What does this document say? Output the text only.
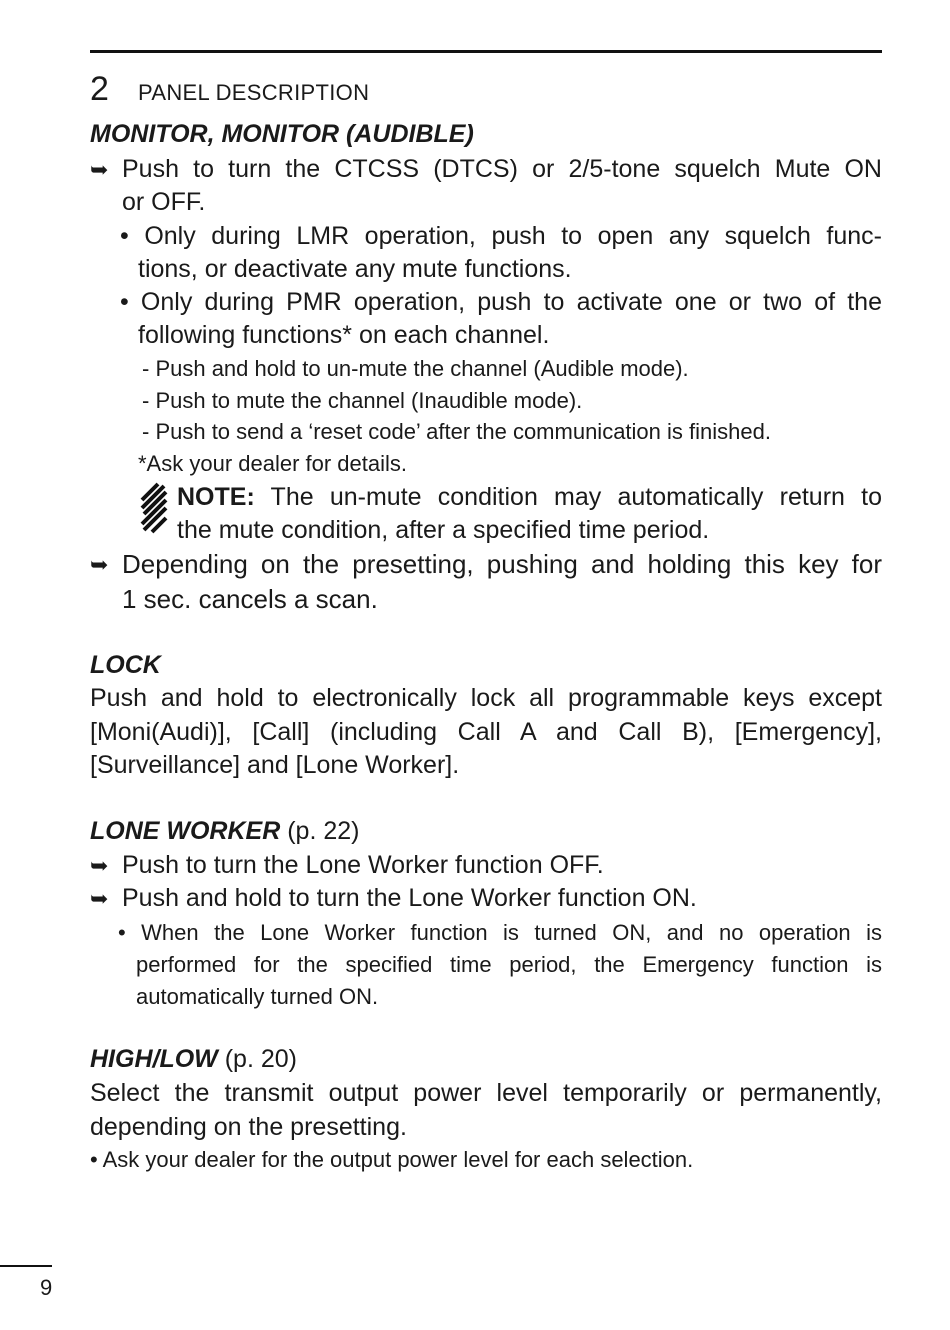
2 PANEL DESCRIPTION
MONITOR, MONITOR (AUDIBLE)
➥ Push to turn the CTCSS (DTCS) or 2/5-tone squelch Mute ON
or OFF.
• Only during LMR operation, push to open any squelch func-
tions, or deactivate any mute functions.
• Only during PMR operation, push to activate one or two of the
following functions* on each channel.
- Push and hold to un-mute the channel (Audible mode).
- Push to mute the channel (Inaudible mode).
- Push to send a ‘reset code’ after the communication is finished.
*Ask your dealer for details.
NOTE: The un-mute condition may automatically return to
the mute condition, after a specified time period.
➥ Depending on the presetting, pushing and holding this key for
1 sec. cancels a scan.
LOCK
Push and hold to electronically lock all programmable keys except
[Moni(Audi)], [Call] (including Call A and Call B), [Emergency],
[Surveillance] and [Lone Worker].
LONE WORKER (p. 22)
➥ Push to turn the Lone Worker function OFF.
➥ Push and hold to turn the Lone Worker function ON.
• When the Lone Worker function is turned ON, and no operation is
performed for the specified time period, the Emergency function is
automatically turned ON.
HIGH/LOW (p. 20)
Select the transmit output power level temporarily or permanently,
depending on the presetting.
• Ask your dealer for the output power level for each selection.
9
